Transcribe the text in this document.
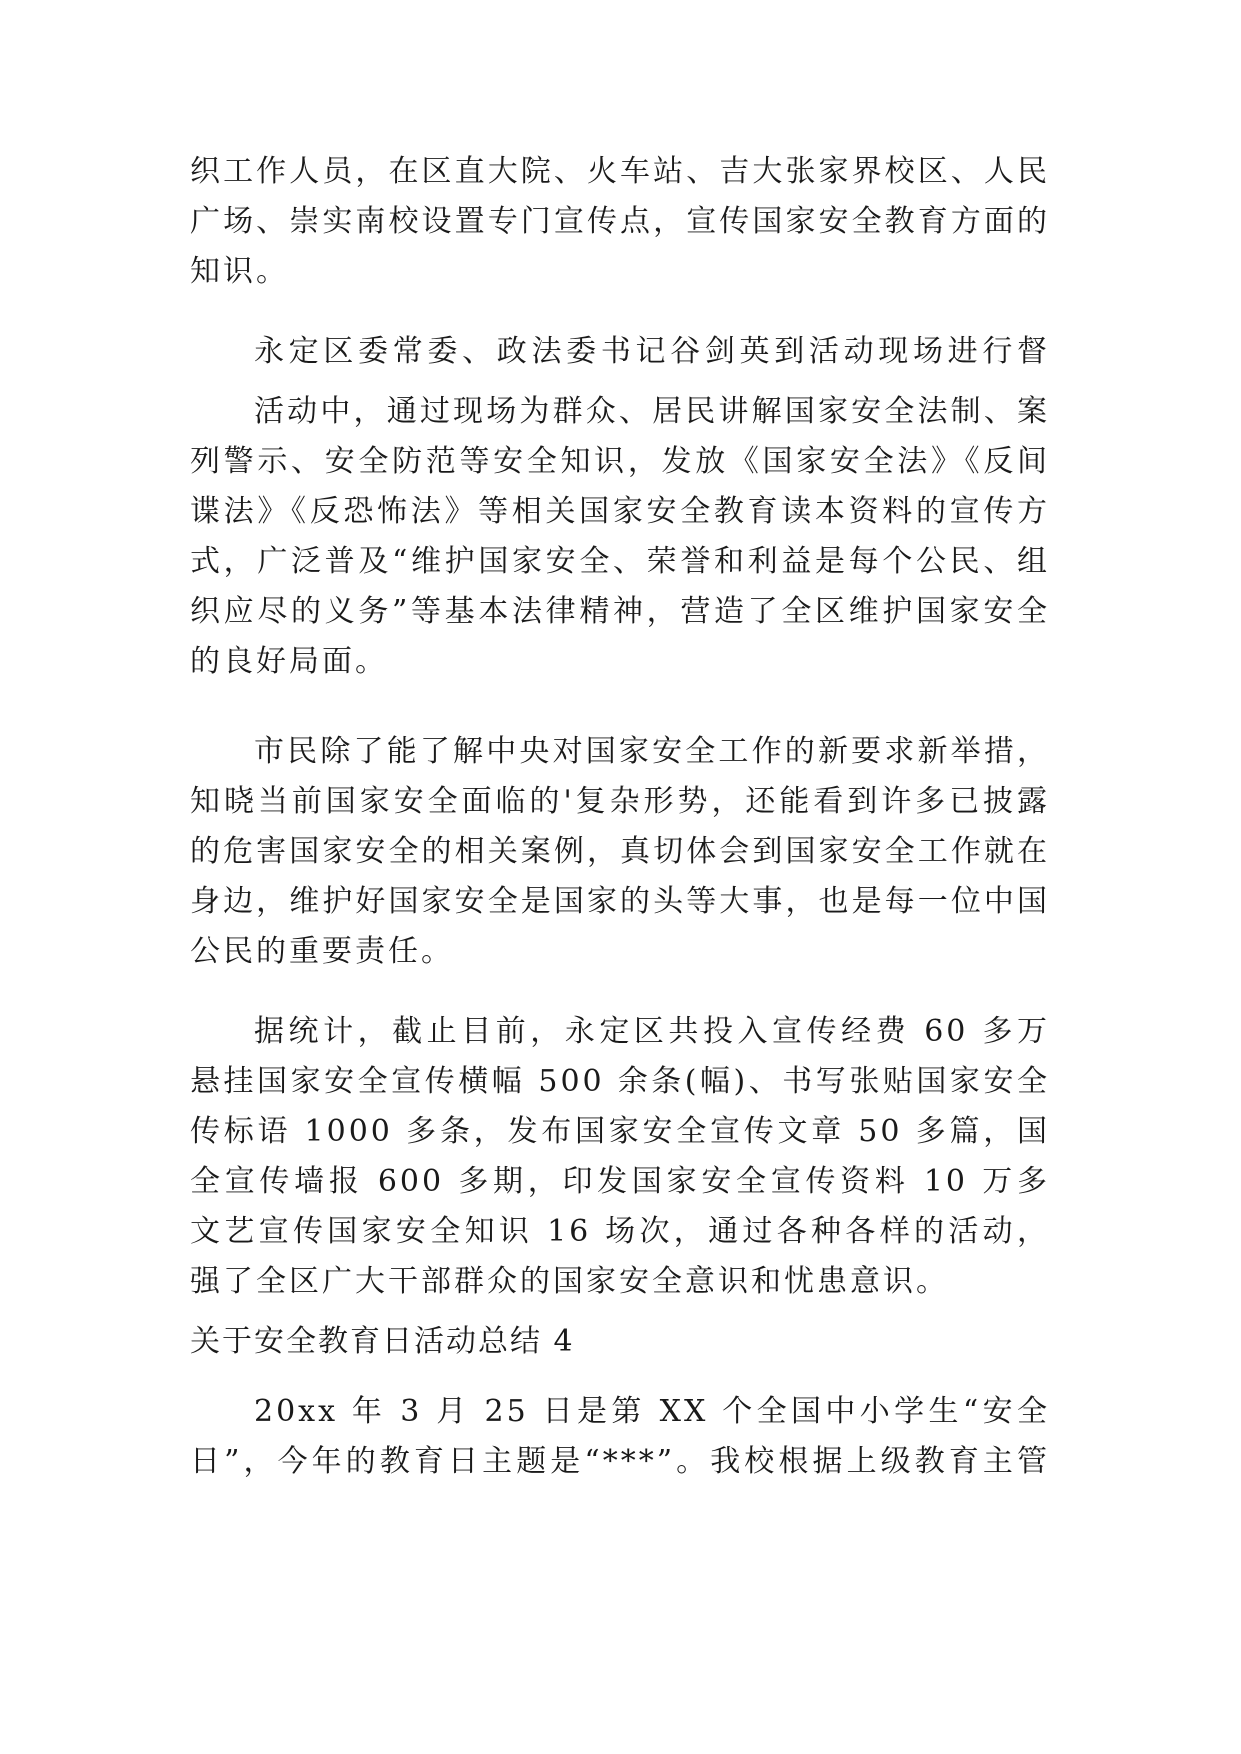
织工作人员，在区直大院、火车站、吉大张家界校区、人民
广场、崇实南校设置专门宣传点，宣传国家安全教育方面的
知识。
永定区委常委、政法委书记谷剑英到活动现场进行督
活动中，通过现场为群众、居民讲解国家安全法制、案
列警示、安全防范等安全知识，发放《国家安全法》《反间
谍法》《反恐怖法》等相关国家安全教育读本资料的宣传方
式，广泛普及“维护国家安全、荣誉和利益是每个公民、组
织应尽的义务”等基本法律精神，营造了全区维护国家安全
的良好局面。
市民除了能了解中央对国家安全工作的新要求新举措，
知晓当前国家安全面临的'复杂形势，还能看到许多已披露
的危害国家安全的相关案例，真切体会到国家安全工作就在
身边，维护好国家安全是国家的头等大事，也是每一位中国
公民的重要责任。
据统计，截止目前，永定区共投入宣传经费 60 多万
悬挂国家安全宣传横幅 500 余条(幅)、书写张贴国家安全
传标语 1000 多条，发布国家安全宣传文章 50 多篇，国
全宣传墙报 600 多期，印发国家安全宣传资料 10 万多
文艺宣传国家安全知识 16 场次，通过各种各样的活动，
强了全区广大干部群众的国家安全意识和忧患意识。
关于安全教育日活动总结 4
20xx 年 3 月 25 日是第 XX 个全国中小学生“安全
日”，今年的教育日主题是“***”。我校根据上级教育主管
